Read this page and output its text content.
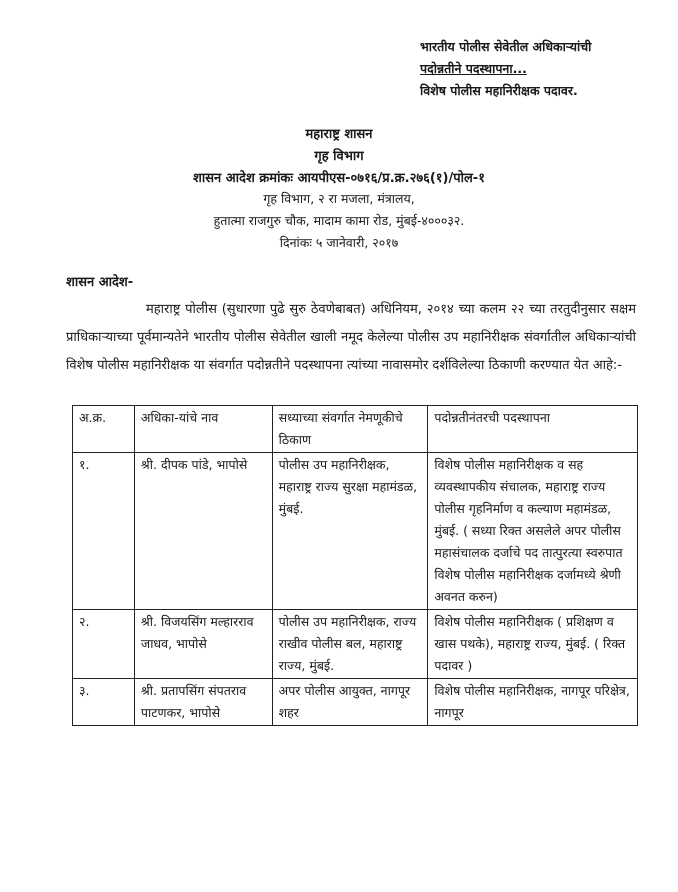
भारतीय पोलीस सेवेतील अधिकाऱ्यांची
पदोन्नतीने पदस्थापना...
विशेष पोलीस महानिरीक्षक पदावर.
महाराष्ट्र शासन
गृह विभाग
शासन आदेश क्रमांकः आयपीएस-०७१६/प्र.क्र.२७६(१)/पोल-१
गृह विभाग, २ रा मजला, मंत्रालय,
हुतात्मा राजगुरु चौक, मादाम कामा रोड, मुंबई-४०००३२.
दिनांकः ५ जानेवारी, २०१७
शासन आदेश-
महाराष्ट्र पोलीस (सुधारणा पुढे सुरु ठेवणेबाबत) अधिनियम, २०१४ च्या कलम २२ च्या तरतुदीनुसार सक्षम प्राधिकाऱ्याच्या पूर्वमान्यतेने भारतीय पोलीस सेवेतील खाली नमूद केलेल्या पोलीस उप महानिरीक्षक संवर्गातील अधिकाऱ्यांची विशेष पोलीस महानिरीक्षक या संवर्गात पदोन्नतीने पदस्थापना त्यांच्या नावासमोर दर्शविलेल्या ठिकाणी करण्यात येत आहे:-
अ.क्र.	अधिका-यांचे नाव	सध्याच्या संवर्गात नेमणूकीचे ठिकाण	पदोन्नतीनंतरची पदस्थापना
१.	श्री. दीपक पांडे, भापोसे	पोलीस उप महानिरीक्षक, महाराष्ट्र राज्य सुरक्षा महामंडळ, मुंबई.	विशेष पोलीस महानिरीक्षक व सह व्यवस्थापकीय संचालक, महाराष्ट्र राज्य पोलीस गृहनिर्माण व कल्याण महामंडळ, मुंबई. ( सध्या रिक्त असलेले अपर पोलीस महासंचालक दर्जाचे पद तात्पुरत्या स्वरुपात विशेष पोलीस महानिरीक्षक दर्जामध्ये श्रेणी अवनत करुन)
२.	श्री. विजयसिंग मल्हारराव जाधव, भापोसे	पोलीस उप महानिरीक्षक, राज्य राखीव पोलीस बल, महाराष्ट्र राज्य, मुंबई.	विशेष पोलीस महानिरीक्षक ( प्रशिक्षण व खास पथके), महाराष्ट्र राज्य, मुंबई. ( रिक्त पदावर )
३.	श्री. प्रतापसिंग संपतराव पाटणकर, भापोसे	अपर पोलीस आयुक्त, नागपूर शहर	विशेष पोलीस महानिरीक्षक, नागपूर परिक्षेत्र, नागपूर
